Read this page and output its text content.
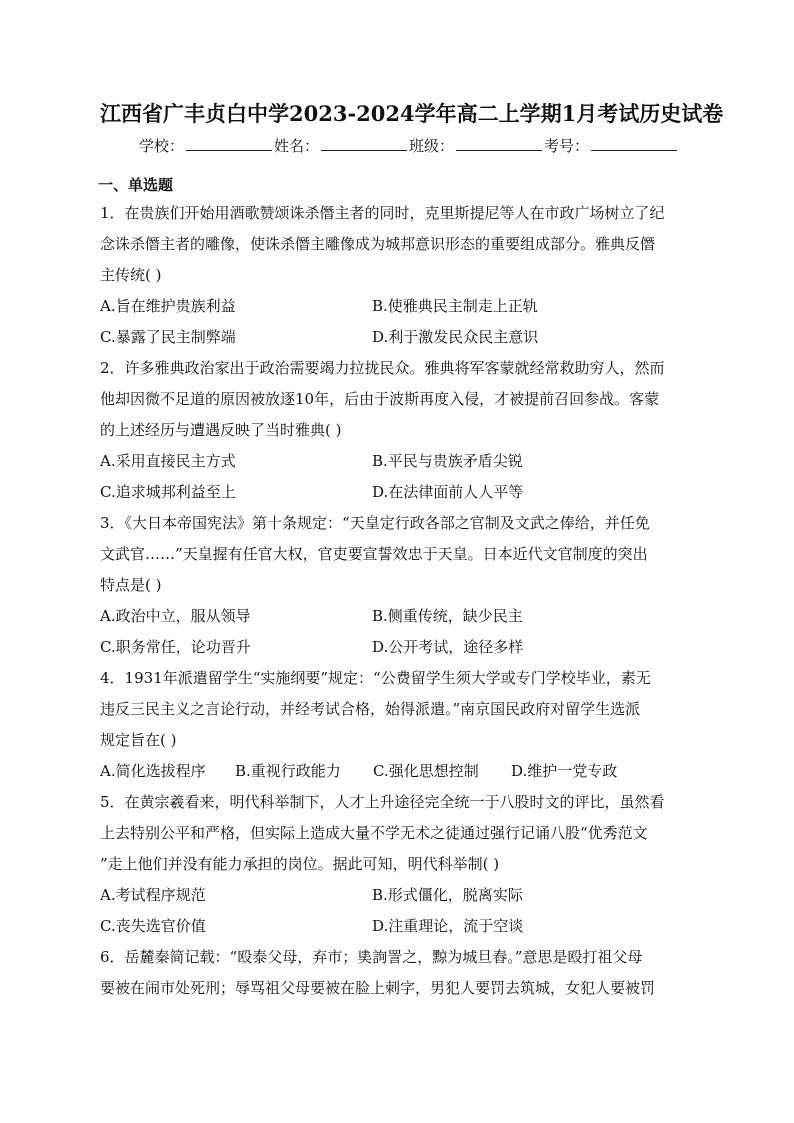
江西省广丰贞白中学2023-2024学年高二上学期1月考试历史试卷
学校：	姓名：	班级：	考号：
一、单选题
1．在贵族们开始用酒歌赞颂诛杀僭主者的同时，克里斯提尼等人在市政广场树立了纪
念诛杀僭主者的雕像，使诛杀僭主雕像成为城邦意识形态的重要组成部分。雅典反僭
主传统( )
A.旨在维护贵族利益	B.使雅典民主制走上正轨
C.暴露了民主制弊端	D.利于激发民众民主意识
2．许多雅典政治家出于政治需要竭力拉拢民众。雅典将军客蒙就经常救助穷人，然而
他却因微不足道的原因被放逐10年，后由于波斯再度入侵，才被提前召回参战。客蒙
的上述经历与遭遇反映了当时雅典( )
A.采用直接民主方式	B.平民与贵族矛盾尖锐
C.追求城邦利益至上	D.在法律面前人人平等
3．《大日本帝国宪法》第十条规定：“天皇定行政各部之官制及文武之俸给，并任免
文武官……”天皇握有任官大权，官吏要宣誓效忠于天皇。日本近代文官制度的突出
特点是( )
A.政治中立，服从领导	B.侧重传统，缺少民主
C.职务常任，论功晋升	D.公开考试，途径多样
4．1931年派遣留学生“实施纲要”规定：“公费留学生须大学或专门学校毕业，素无
违反三民主义之言论行动，并经考试合格，始得派遣。”南京国民政府对留学生选派
规定旨在( )
A.简化选拔程序	B.重视行政能力	C.强化思想控制	D.维护一党专政
5．在黄宗羲看来，明代科举制下，人才上升途径完全统一于八股时文的评比，虽然看
上去特别公平和严格，但实际上造成大量不学无术之徒通过强行记诵八股“优秀范文
”走上他们并没有能力承担的岗位。据此可知，明代科举制( )
A.考试程序规范	B.形式僵化，脱离实际
C.丧失选官价值	D.注重理论，流于空谈
6．岳麓秦简记载：“殴泰父母，弃市；奊詢詈之，黥为城旦舂。”意思是殴打祖父母
要被在闹市处死刑；辱骂祖父母要被在脸上刺字，男犯人要罚去筑城，女犯人要被罚
